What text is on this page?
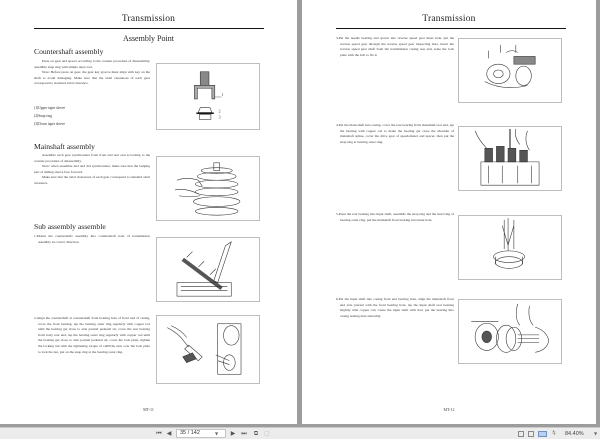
Transmission
Assembly Point
Countershaft assembly

Press on gear and spacer according to the counter procedure of disassembly, assemble snap ring with simple taper tool.

Note: Before press on gear, the gear key groove must align with key on the shaft to avoid damaging. Make sure that the axial clearances of each gear correspond to standard axial clearance.

(1)Upper taper sleeve
(2)Snap ring
(3)Down taper sleeve
1
2
3
Mainshaft assembly

Assemble each gear synchronizer from front and rear end according to the counter procedure of disassembly.

Note: when assemble 2nd and 3rd synchronizer, make sure that the bulging part of sliding sleeve face forward.

Make sure that the axial clearances of each gear correspond to standard axial clearance.

Sub assembly assemble

1.Mount the countershaft assembly into countershaft hole of transmission assembly in correct direction.

2.Align the countershaft at countershaft front bearing hole of front end of casing, cover the front bearing, tap the bearing outer ring regularly with copper rod until the bearing get close to axle journal pedestal sit, cover the rear bearing from body rear end, tap the bearing outer ring regularly with copper rod until the bearing get close to axle journal pedestal sit, cover the lock plate, tighten the locking nut with the tightening torque of 140N/m, turn over the lock plate to lock the nut, put on the snap ring at the bearing outer ring.

MT-11
Transmission

3.Put the needle bearing and spacer into reverse speed gear inner hole, put the reverse speed gear through the reverse speed gear inspecting hole, insert the reverse speed gear shaft from the transmission casing rear end, seize the lock plate with the bolt to fix it.

4.Put the main shaft into casing, cover the rear bearing from mainshaft rear end, tap the bearing with copper rod to make the bearing get close the shoulder of mainshaft spline, cover the drive gear of speedometer and spacer, then put the snap ring at bearing outer ring.

5.Press the rear bearing into input shaft, assemble the snap ring and the steel ring of bearing outer ring, put the mainshaft front bearing into inner hole.

6.Put the input shaft into casing front end bearing hole, align the mainshaft front end axle journal with the front bearing hole, tap the input shaft rear bearing slightly with copper rod, rotate the input shaft with had, put the bearing into casing seating hole smoothly.

MT-12
⏮ ◀	35 / 142	▼ ▶ ⏭	⧉	▢	⫩	84.40%	▼
